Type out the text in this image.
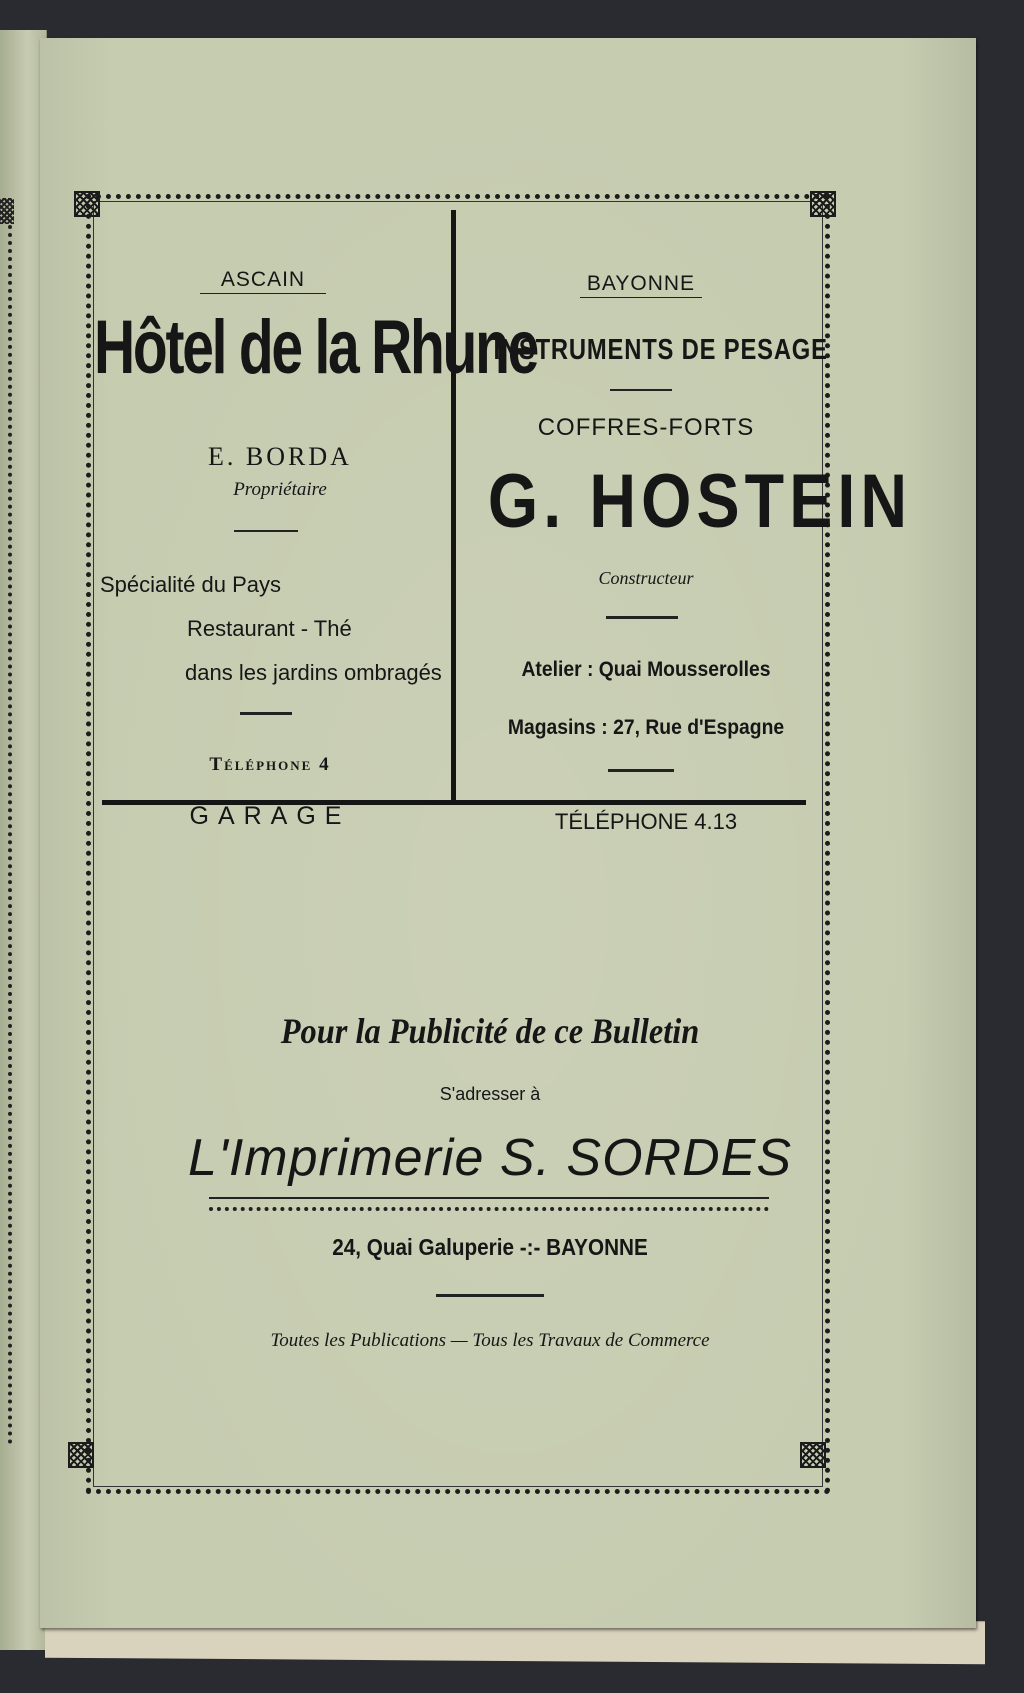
ASCAIN

Hôtel de la Rhune

E. BORDA

Propriétaire

Spécialité du Pays

Restaurant - Thé

dans les jardins ombragés

Téléphone 4

GARAGE

BAYONNE

INSTRUMENTS DE PESAGE

COFFRES-FORTS

G. HOSTEIN

Constructeur

Atelier : Quai Mousserolles

Magasins : 27, Rue d'Espagne

TÉLÉPHONE 4.13

Pour la Publicité de ce Bulletin

S'adresser à

L'Imprimerie S. SORDES

24, Quai Galuperie -:- BAYONNE

Toutes les Publications — Tous les Travaux de Commerce
